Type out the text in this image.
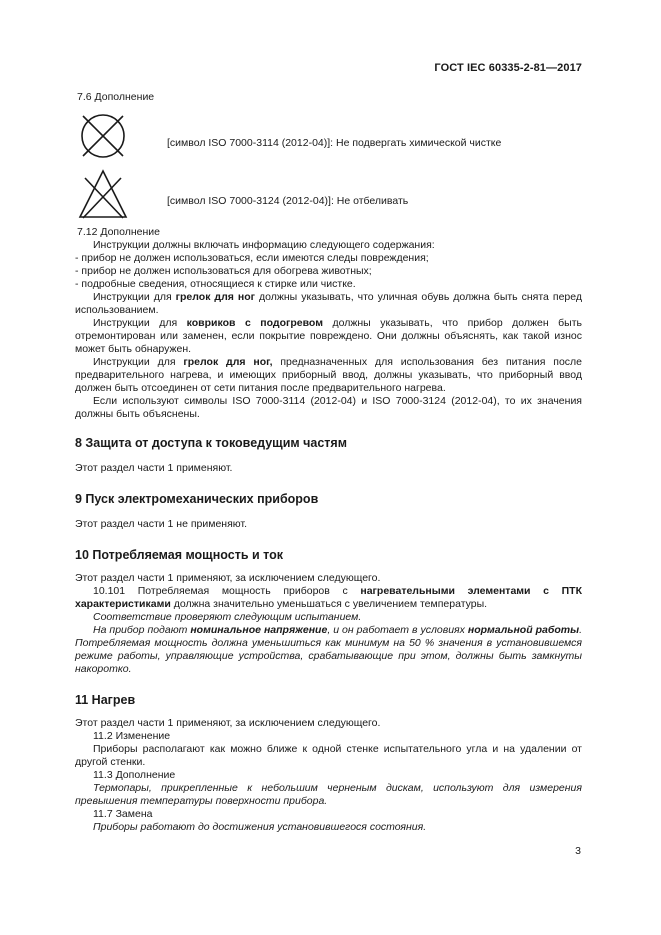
ГОСТ IEC 60335-2-81—2017

7.6 Дополнение

[символ ISO 7000-3114 (2012-04)]: Не подвергать химической чистке
[символ ISO 7000-3124 (2012-04)]: Не отбеливать

7.12 Дополнение

Инструкции должны включать информацию следующего содержания:

- прибор не должен использоваться, если имеются следы повреждения;

- прибор не должен использоваться для обогрева животных;

- подробные сведения, относящиеся к стирке или чистке.

Инструкции для грелок для ног должны указывать, что уличная обувь должна быть снята перед использованием.

Инструкции для ковриков с подогревом должны указывать, что прибор должен быть отремонтирован или заменен, если покрытие повреждено. Они должны объяснять, как такой износ может быть обнаружен.

Инструкции для грелок для ног, предназначенных для использования без питания после предварительного нагрева, и имеющих приборный ввод, должны указывать, что приборный ввод должен быть отсоединен от сети питания после предварительного нагрева.

Если используют символы ISO 7000-3114 (2012-04) и ISO 7000-3124 (2012-04), то их значения должны быть объяснены.

8 Защита от доступа к токоведущим частям

Этот раздел части 1 применяют.

9 Пуск электромеханических приборов

Этот раздел части 1 не применяют.

10 Потребляемая мощность и ток

Этот раздел части 1 применяют, за исключением следующего.

10.101 Потребляемая мощность приборов с нагревательными элементами с ПТК характеристиками должна значительно уменьшаться с увеличением температуры.

Соответствие проверяют следующим испытанием.

На прибор подают номинальное напряжение, и он работает в условиях нормальной работы. Потребляемая мощность должна уменьшиться как минимум на 50 % значения в установившемся режиме работы, управляющие устройства, срабатывающие при этом, должны быть замкнуты накоротко.

11 Нагрев

Этот раздел части 1 применяют, за исключением следующего.

11.2 Изменение

Приборы располагают как можно ближе к одной стенке испытательного угла и на удалении от другой стенки.

11.3 Дополнение

Термопары, прикрепленные к небольшим черненым дискам, используют для измерения превышения температуры поверхности прибора.

11.7 Замена

Приборы работают до достижения установившегося состояния.

3
